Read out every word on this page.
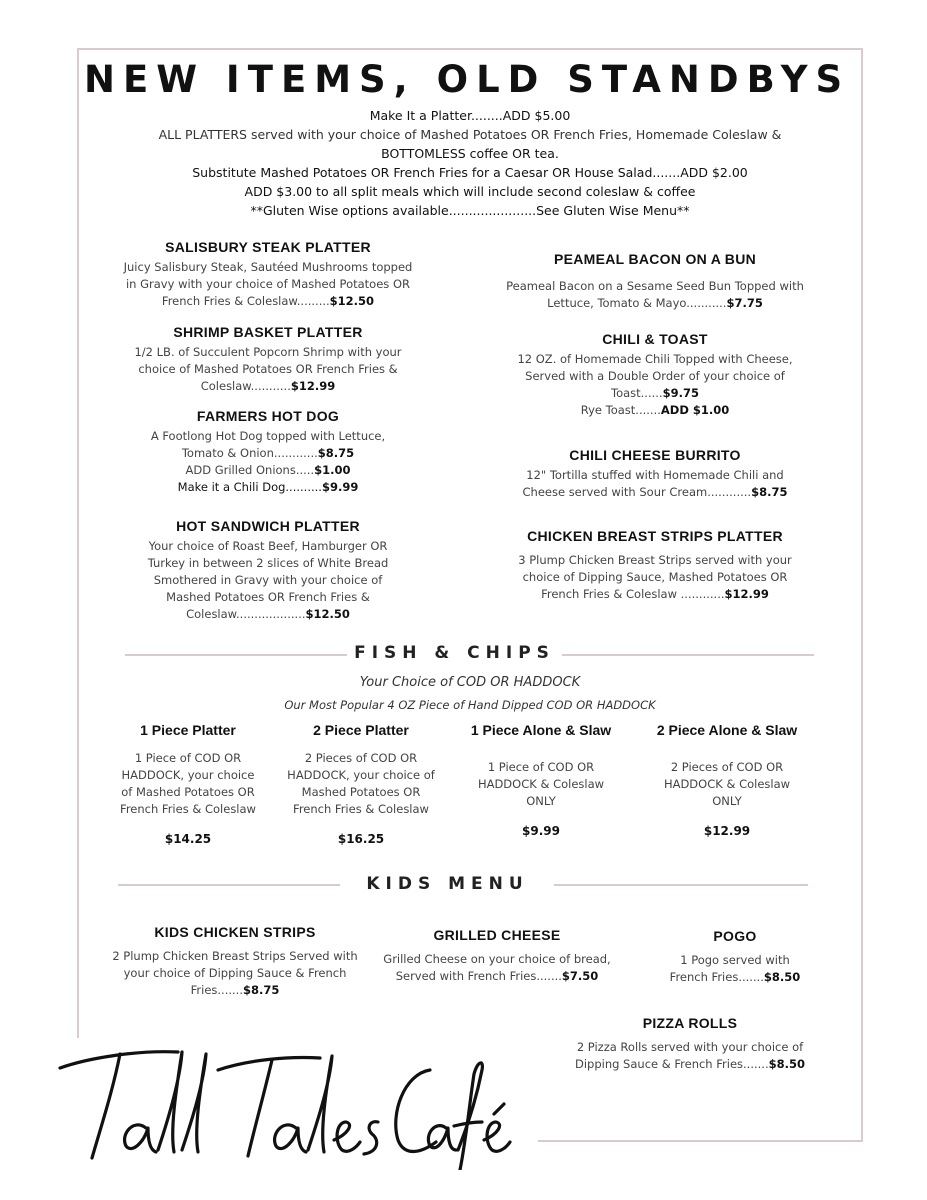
NEW ITEMS, OLD STANDBYS
Make It a Platter........ADD $5.00
ALL PLATTERS served with your choice of Mashed Potatoes OR French Fries, Homemade Coleslaw &
BOTTOMLESS coffee OR tea.
Substitute Mashed Potatoes OR French Fries for a Caesar OR House Salad.......ADD $2.00
ADD $3.00 to all split meals which will include second coleslaw & coffee
**Gluten Wise options available......................See Gluten Wise Menu**
SALISBURY STEAK PLATTER
Juicy Salisbury Steak, Sautéed Mushrooms topped in Gravy with your choice of Mashed Potatoes OR French Fries & Coleslaw.........$12.50
SHRIMP BASKET PLATTER
1/2 LB. of Succulent Popcorn Shrimp with your choice of Mashed Potatoes OR French Fries & Coleslaw...........$12.99
FARMERS HOT DOG
A Footlong Hot Dog topped with Lettuce, Tomato & Onion............$8.75
ADD Grilled Onions.....$1.00
Make it a Chili Dog..........$9.99
HOT SANDWICH PLATTER
Your choice of Roast Beef, Hamburger OR Turkey in between 2 slices of White Bread Smothered in Gravy with your choice of Mashed Potatoes OR French Fries & Coleslaw...................$12.50
PEAMEAL BACON ON A BUN
Peameal Bacon on a Sesame Seed Bun Topped with Lettuce, Tomato & Mayo...........$7.75
CHILI & TOAST
12 OZ. of Homemade Chili Topped with Cheese, Served with a Double Order of your choice of Toast......$9.75
Rye Toast.......ADD $1.00
CHILI CHEESE BURRITO
12" Tortilla stuffed with Homemade Chili and Cheese served with Sour Cream............$8.75
CHICKEN BREAST STRIPS PLATTER
3 Plump Chicken Breast Strips served with your choice of Dipping Sauce, Mashed Potatoes OR French Fries & Coleslaw ............$12.99
FISH & CHIPS
Your Choice of COD OR HADDOCK
Our Most Popular 4 OZ Piece of Hand Dipped COD OR HADDOCK
1 Piece Platter
1 Piece of COD OR HADDOCK, your choice of Mashed Potatoes OR French Fries & Coleslaw
$14.25
2 Piece Platter
2 Pieces of COD OR HADDOCK, your choice of Mashed Potatoes OR French Fries & Coleslaw
$16.25
1 Piece Alone & Slaw
1 Piece of COD OR HADDOCK & Coleslaw ONLY
$9.99
2 Piece Alone & Slaw
2 Pieces of COD OR HADDOCK & Coleslaw ONLY
$12.99
KIDS MENU
KIDS CHICKEN STRIPS
2 Plump Chicken Breast Strips Served with your choice of Dipping Sauce & French Fries.......$8.75
GRILLED CHEESE
Grilled Cheese on your choice of bread, Served with French Fries.......$7.50
POGO
1 Pogo served with French Fries.......$8.50
PIZZA ROLLS
2 Pizza Rolls served with your choice of Dipping Sauce & French Fries.......$8.50
